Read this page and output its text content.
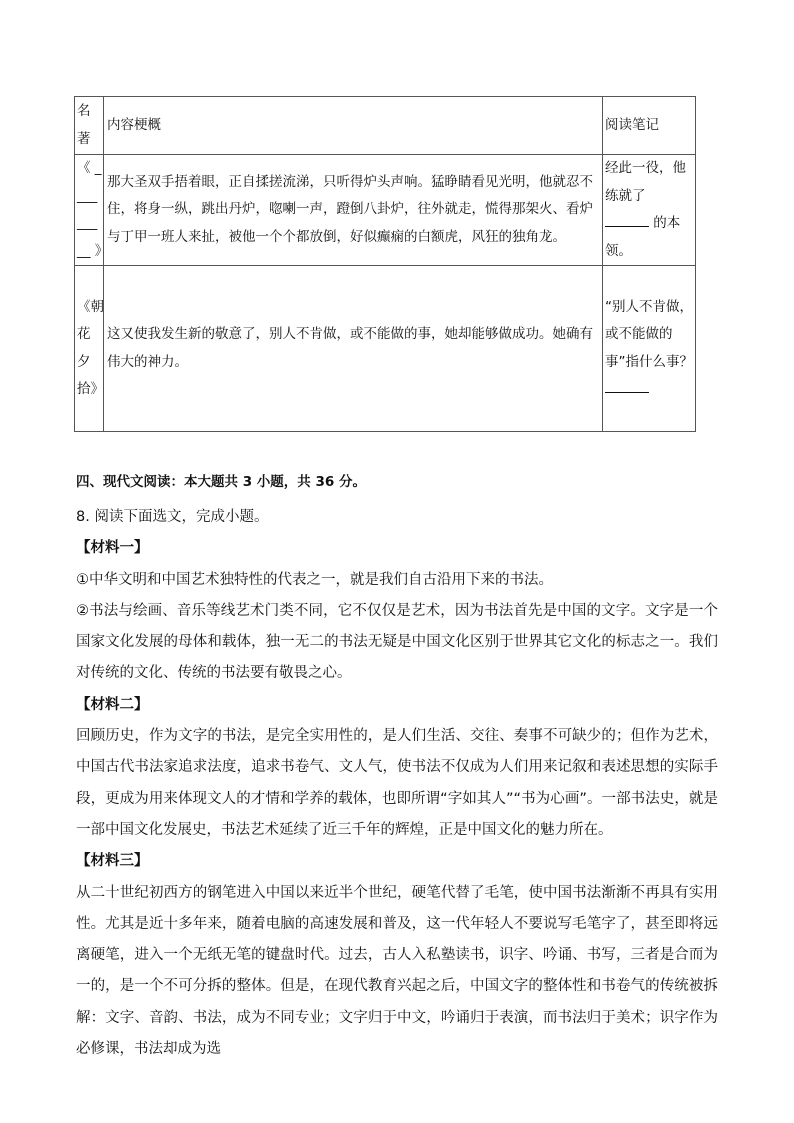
名著	内容梗概	阅读笔记
《 _________ 》	那大圣双手捂着眼，正自揉搓流涕，只听得炉头声响。猛睁睛看见光明，他就忍不住，将身一纵，跳出丹炉，唿喇一声，蹬倒八卦炉，往外就走，慌得那架火、看炉与丁甲一班人来扯，被他一个个都放倒，好似癫痫的白额虎，风狂的独角龙。	经此一役，他练就了
的本领。
《朝花夕拾》	这又使我发生新的敬意了，别人不肯做，或不能做的事，她却能够做成功。她确有伟大的神力。	“别人不肯做，或不能做的事”指什么事？

四、现代文阅读：本大题共 3 小题，共 36 分。

8. 阅读下面选文，完成小题。

【材料一】

①中华文明和中国艺术独特性的代表之一，就是我们自古沿用下来的书法。

②书法与绘画、音乐等线艺术门类不同，它不仅仅是艺术，因为书法首先是中国的文字。文字是一个国家文化发展的母体和载体，独一无二的书法无疑是中国文化区别于世界其它文化的标志之一。我们对传统的文化、传统的书法要有敬畏之心。

【材料二】

回顾历史，作为文字的书法，是完全实用性的，是人们生活、交往、奏事不可缺少的；但作为艺术，中国古代书法家追求法度，追求书卷气、文人气，使书法不仅成为人们用来记叙和表述思想的实际手段，更成为用来体现文人的才情和学养的载体，也即所谓“字如其人”“书为心画”。一部书法史，就是一部中国文化发展史，书法艺术延续了近三千年的辉煌，正是中国文化的魅力所在。

【材料三】

从二十世纪初西方的钢笔进入中国以来近半个世纪，硬笔代替了毛笔，使中国书法渐渐不再具有实用性。尤其是近十多年来，随着电脑的高速发展和普及，这一代年轻人不要说写毛笔字了，甚至即将远离硬笔，进入一个无纸无笔的键盘时代。过去，古人入私塾读书，识字、吟诵、书写，三者是合而为一的，是一个不可分拆的整体。但是，在现代教育兴起之后，中国文字的整体性和书卷气的传统被拆解：文字、音韵、书法，成为不同专业；文字归于中文，吟诵归于表演，而书法归于美术；识字作为必修课，书法却成为选
